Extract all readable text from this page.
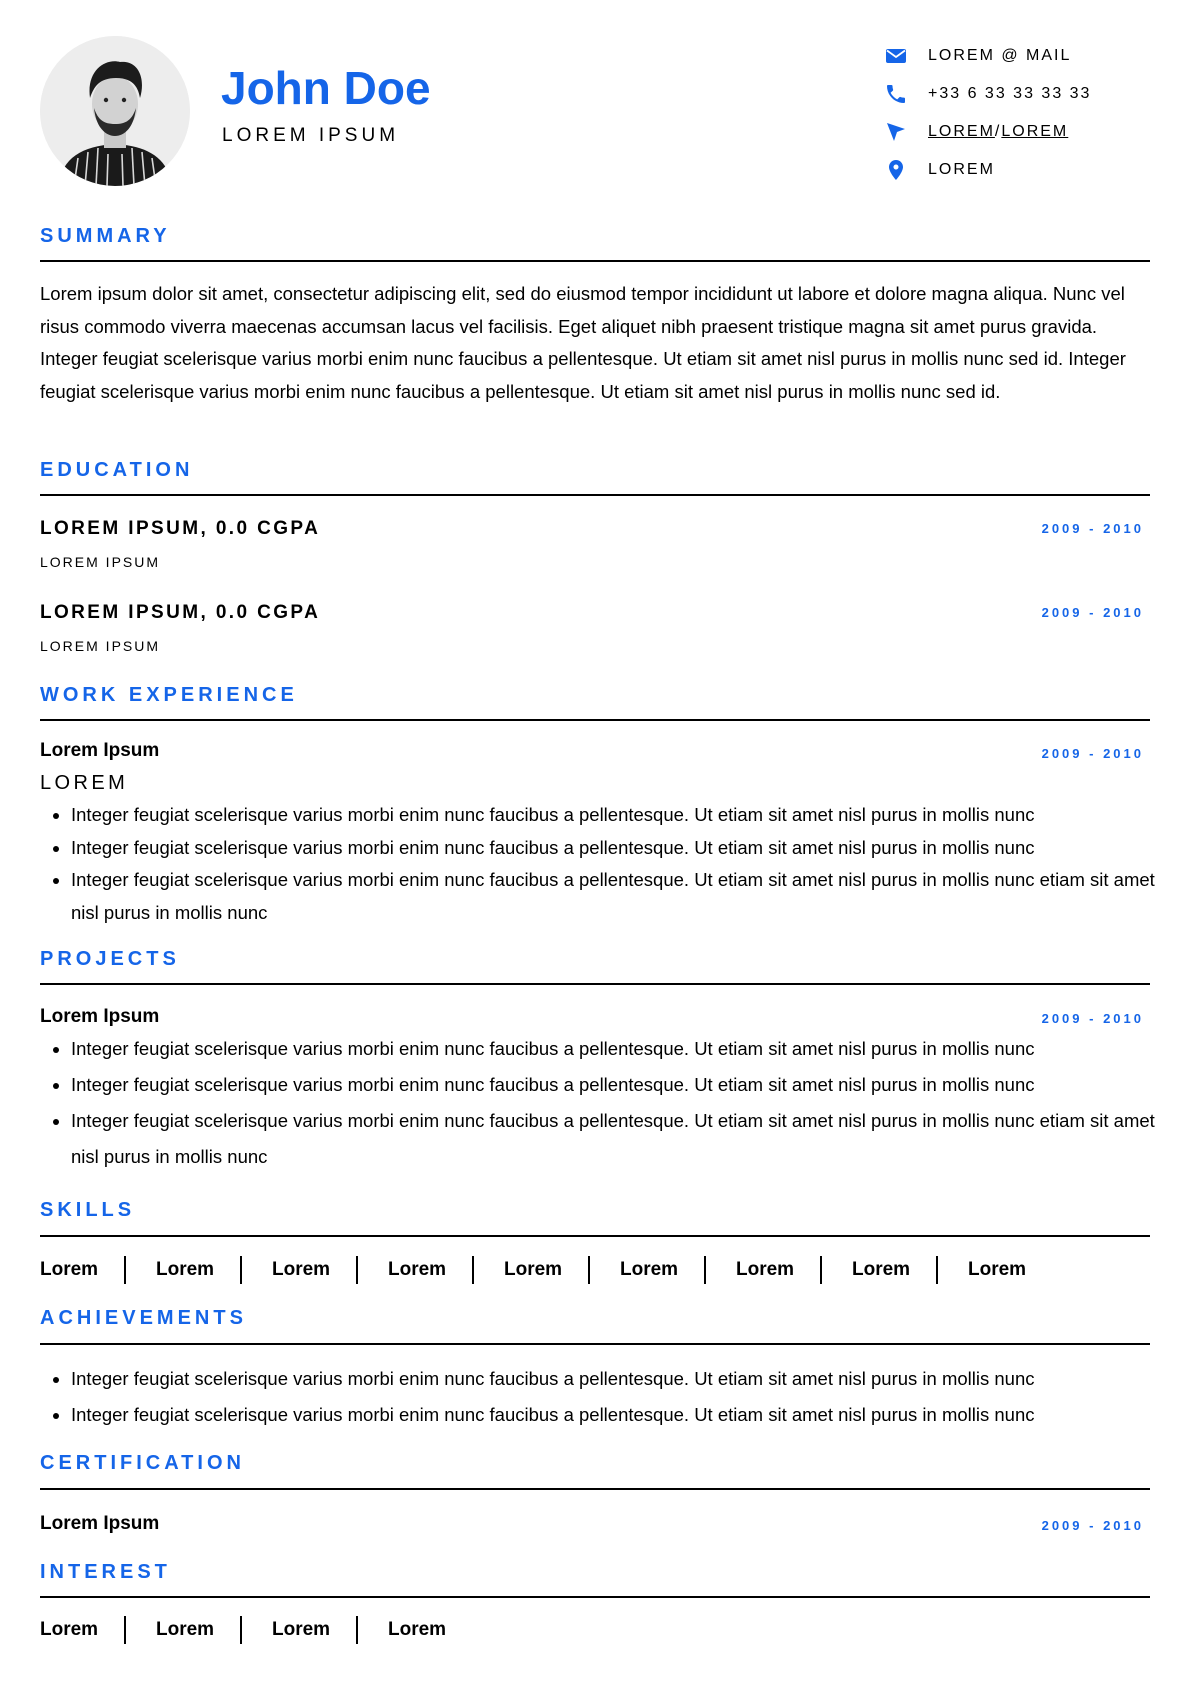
John Doe
LOREM IPSUM
LOREM @ MAIL
+33 6 33 33 33 33
LOREM/LOREM
LOREM
SUMMARY

Lorem ipsum dolor sit amet, consectetur adipiscing elit, sed do eiusmod tempor incididunt ut labore et dolore magna aliqua. Nunc vel risus commodo viverra maecenas accumsan lacus vel facilisis. Eget aliquet nibh praesent tristique magna sit amet purus gravida. Integer feugiat scelerisque varius morbi enim nunc faucibus a pellentesque. Ut etiam sit amet nisl purus in mollis nunc sed id. Integer feugiat scelerisque varius morbi enim nunc faucibus a pellentesque. Ut etiam sit amet nisl purus in mollis nunc sed id.

EDUCATION
LOREM IPSUM, 0.0 CGPA	2009 - 2010
LOREM IPSUM
LOREM IPSUM, 0.0 CGPA	2009 - 2010
LOREM IPSUM
WORK EXPERIENCE
Lorem Ipsum	2009 - 2010
LOREM
• Integer feugiat scelerisque varius morbi enim nunc faucibus a pellentesque. Ut etiam sit amet nisl purus in mollis nunc
• Integer feugiat scelerisque varius morbi enim nunc faucibus a pellentesque. Ut etiam sit amet nisl purus in mollis nunc
• Integer feugiat scelerisque varius morbi enim nunc faucibus a pellentesque. Ut etiam sit amet nisl purus in mollis nunc etiam sit amet nisl purus in mollis nunc
PROJECTS
Lorem Ipsum	2009 - 2010
• Integer feugiat scelerisque varius morbi enim nunc faucibus a pellentesque. Ut etiam sit amet nisl purus in mollis nunc
• Integer feugiat scelerisque varius morbi enim nunc faucibus a pellentesque. Ut etiam sit amet nisl purus in mollis nunc
• Integer feugiat scelerisque varius morbi enim nunc faucibus a pellentesque. Ut etiam sit amet nisl purus in mollis nunc etiam sit amet nisl purus in mollis nunc
SKILLS
Lorem	Lorem	Lorem	Lorem	Lorem	Lorem	Lorem	Lorem	Lorem
ACHIEVEMENTS
• Integer feugiat scelerisque varius morbi enim nunc faucibus a pellentesque. Ut etiam sit amet nisl purus in mollis nunc
• Integer feugiat scelerisque varius morbi enim nunc faucibus a pellentesque. Ut etiam sit amet nisl purus in mollis nunc
CERTIFICATION
Lorem Ipsum	2009 - 2010
INTEREST
Lorem	Lorem	Lorem	Lorem
